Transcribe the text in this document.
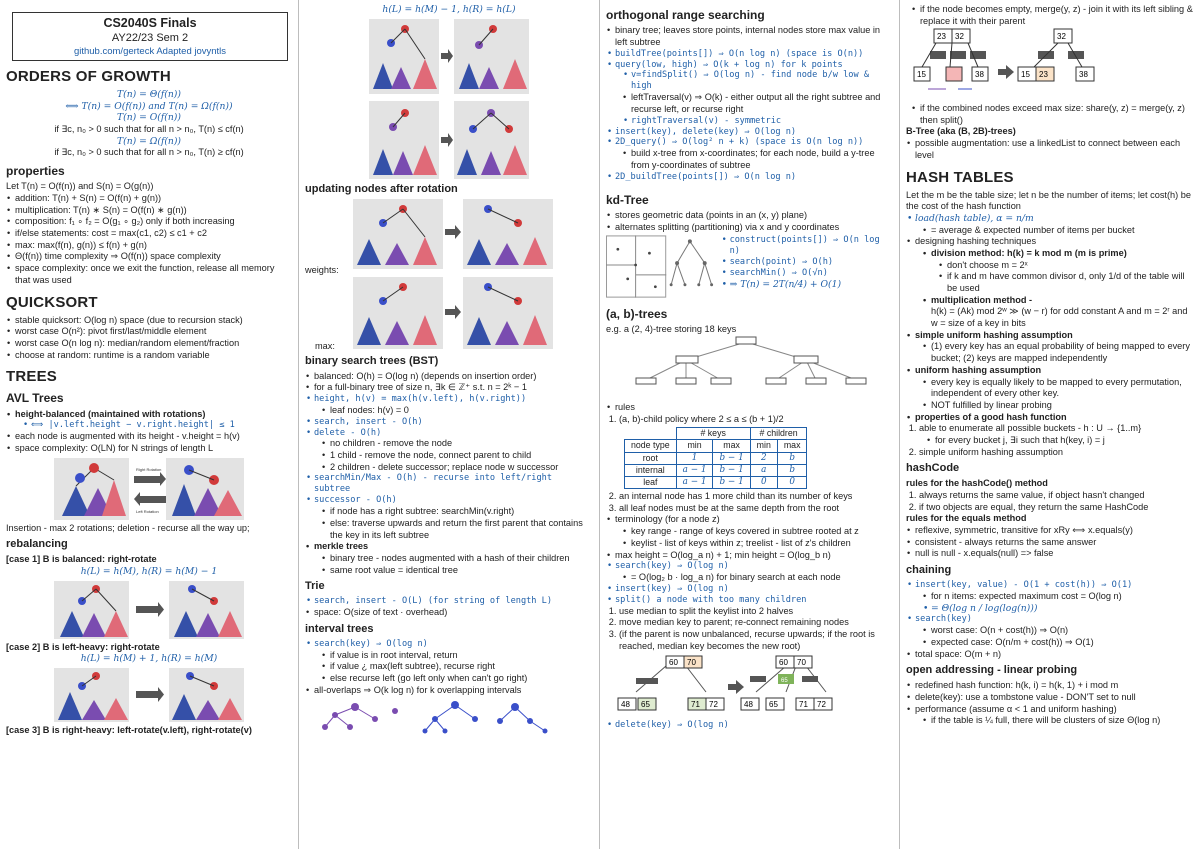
CS2040S Finals
AY22/23 Sem 2
github.com/gerteck Adapted jovyntls
ORDERS OF GROWTH
T(n) = Θ(f(n))
⟺ T(n) = O(f(n)) and T(n) = Ω(f(n))
T(n) = O(f(n))
if ∃c, n₀ > 0 such that for all n > n₀, T(n) ≤ cf(n)
T(n) = Ω(f(n))
if ∃c, n₀ > 0 such that for all n > n₀, T(n) ≥ cf(n)
properties
Let T(n) = O(f(n)) and S(n) = O(g(n))
• addition: T(n) + S(n) = O(f(n) + g(n))
• multiplication: T(n) ∗ S(n) = O(f(n) ∗ g(n))
• composition: f₁ ∘ f₂ = O(g₁ ∘ g₂) only if both increasing
• if/else statements: cost = max(c1, c2) ≤ c1 + c2
• max: max(f(n), g(n)) ≤ f(n) + g(n)
• Θ(f(n)) time complexity ⇒ O(f(n)) space complexity
• space complexity: once we exit the function, release all memory that was used
QUICKSORT
• stable quicksort: O(log n) space (due to recursion stack)
• worst case O(n²): pivot first/last/middle element
• worst case O(n log n): median/random element/fraction
• choose at random: runtime is a random variable
TREES
AVL Trees
• height-balanced (maintained with rotations)
• ⟺ |v.left.height − v.right.height| ≤ 1
• each node is augmented with its height - v.height = h(v)
• space complexity: O(LN) for N strings of length L
Right Rotation
Left Rotation
Insertion - max 2 rotations; deletion - recurse all the way up;
rebalancing
[case 1] B is balanced: right-rotate
h(L) = h(M), h(R) = h(M) − 1
[case 2] B is left-heavy: right-rotate
h(L) = h(M) + 1, h(R) = h(M)
[case 3] B is right-heavy: left-rotate(v.left), right-rotate(v)
h(L) = h(M) − 1, h(R) = h(L)
updating nodes after rotation
weights:
max:
binary search trees (BST)
• balanced: O(h) = O(log n) (depends on insertion order)
• for a full-binary tree of size n, ∃k ∈ ℤ⁺ s.t. n = 2ᵏ − 1
• height, h(v) = max(h(v.left), h(v.right))
• leaf nodes: h(v) = 0
• search, insert - O(h)
• delete - O(h)
• no children - remove the node
• 1 child - remove the node, connect parent to child
• 2 children - delete successor; replace node w successor
• searchMin/Max - O(h) - recurse into left/right subtree
• successor - O(h)
• if node has a right subtree: searchMin(v.right)
• else: traverse upwards and return the first parent that contains the key in its left subtree
• merkle trees
• binary tree - nodes augmented with a hash of their children
• same root value = identical tree
Trie
• search, insert - O(L) (for string of length L)
• space: O(size of text · overhead)
interval trees
• search(key) ⇒ O(log n)
• if value is in root interval, return
• if value ¿ max(left subtree), recurse right
• else recurse left (go left only when can't go right)
• all-overlaps ⇒ O(k log n) for k overlapping intervals
orthogonal range searching
• binary tree; leaves store points, internal nodes store max value in left subtree
• buildTree(points[]) ⇒ O(n log n) (space is O(n))
• query(low, high) ⇒ O(k + log n) for k points
• v=findSplit() ⇒ O(log n) - find node b/w low & high
• leftTraversal(v) ⇒ O(k) - either output all the right subtree and recurse left, or recurse right
• rightTraversal(v) - symmetric
• insert(key), delete(key) ⇒ O(log n)
• 2D_query() ⇒ O(log² n + k) (space is O(n log n))
• build x-tree from x-coordinates; for each node, build a y-tree from y-coordinates of subtree
• 2D_buildTree(points[]) ⇒ O(n log n)
kd-Tree
• stores geometric data (points in an (x, y) plane)
• alternates splitting (partitioning) via x and y coordinates
• construct(points[]) ⇒ O(n log n)
• search(point) ⇒ O(h)
• searchMin() ⇒ O(√n)
• ⇒ T(n) = 2T(n/4) + O(1)
(a, b)-trees
e.g. a (2, 4)-tree storing 18 keys
• rules
1. (a, b)-child policy where 2 ≤ a ≤ (b + 1)/2
	# keys		# children	
node type	min	max	min	max
root	1	b − 1	2	b
internal	a − 1	b − 1	a	b
leaf	a − 1	b − 1	0	0
2. an internal node has 1 more child than its number of keys
3. all leaf nodes must be at the same depth from the root
• terminology (for a node z)
• key range - range of keys covered in subtree rooted at z
• keylist - list of keys within z; treelist - list of z's children
• max height = O(log_a n) + 1; min height = O(log_b n)
• search(key) ⇒ O(log n)
• = O(log₂ b · log_a n) for binary search at each node
• insert(key) ⇒ O(log n)
• split() a node with too many children
1. use median to split the keylist into 2 halves
2. move median key to parent; re-connect remaining nodes
3. (if the parent is now unbalanced, recurse upwards; if the root is reached, median key becomes the new root)
60 70
48 65	71 72
60 70
65
48 65	71 72
• delete(key) ⇒ O(log n)
• if the node becomes empty, merge(y, z) - join it with its left sibling & replace it with their parent
23 32
15	38
32
15 23	38
• if the combined nodes exceed max size: share(y, z) = merge(y, z) then split()
B-Tree (aka (B, 2B)-trees)
• possible augmentation: use a linkedList to connect between each level
HASH TABLES
Let the m be the table size; let n be the number of items; let cost(h) be the cost of the hash function
• load(hash table), α = n/m
• = average & expected number of items per bucket
• designing hashing techniques
• division method: h(k) = k mod m (m is prime)
• don't choose m = 2ˣ
• if k and m have common divisor d, only 1/d of the table will be used
• multiplication method -
h(k) = (Ak) mod 2ʷ ≫ (w − r) for odd constant A and m = 2ʳ and w = size of a key in bits
• simple uniform hashing assumption
• (1) every key has an equal probability of being mapped to every bucket; (2) keys are mapped independently
• uniform hashing assumption
• every key is equally likely to be mapped to every permutation, independent of every other key.
• NOT fulfilled by linear probing
• properties of a good hash function
1. able to enumerate all possible buckets - h : U → {1..m}
• for every bucket j, ∃i such that h(key, i) = j
2. simple uniform hashing assumption
hashCode
rules for the hashCode() method
1. always returns the same value, if object hasn't changed
2. if two objects are equal, they return the same HashCode
rules for the equals method
• reflexive, symmetric, transitive for xRy ⟺ x.equals(y)
• consistent - always returns the same answer
• null is null - x.equals(null) => false
chaining
• insert(key, value) - O(1 + cost(h)) ⇒ O(1)
• for n items: expected maximum cost = O(log n)
• = Θ(log n / log(log(n)))
• search(key)
• worst case: O(n + cost(h)) ⇒ O(n)
• expected case: O(n/m + cost(h)) ⇒ O(1)
• total space: O(m + n)
open addressing - linear probing
• redefined hash function: h(k, i) = h(k, 1) + i mod m
• delete(key): use a tombstone value - DON'T set to null
• performance (assume α < 1 and uniform hashing)
• if the table is ¼ full, there will be clusters of size Θ(log n)
